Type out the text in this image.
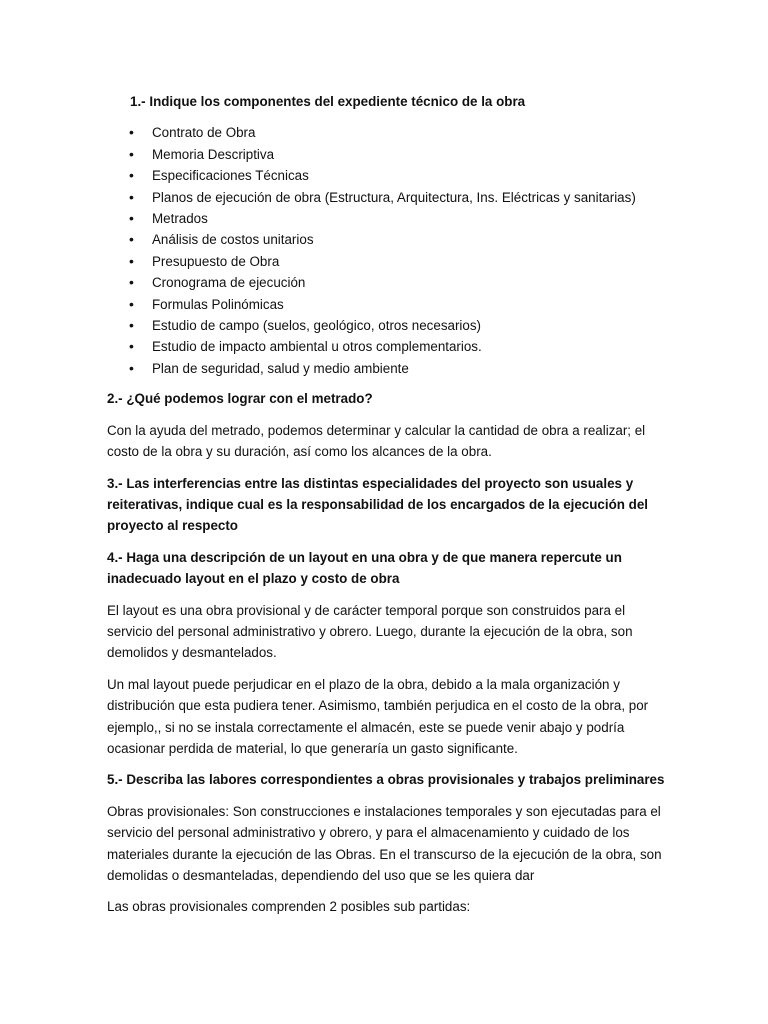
1.- Indique los componentes del expediente técnico de la obra

• Contrato de Obra
• Memoria Descriptiva
• Especificaciones Técnicas
• Planos de ejecución de obra (Estructura, Arquitectura, Ins. Eléctricas y sanitarias)
• Metrados
• Análisis de costos unitarios
• Presupuesto de Obra
• Cronograma de ejecución
• Formulas Polinómicas
• Estudio de campo (suelos, geológico, otros necesarios)
• Estudio de impacto ambiental u otros complementarios.
• Plan de seguridad, salud y medio ambiente

2.- ¿Qué podemos lograr con el metrado?

Con la ayuda del metrado, podemos determinar y calcular la cantidad de obra a realizar; el costo de la obra y su duración, así como los alcances de la obra.

3.- Las interferencias entre las distintas especialidades del proyecto son usuales y reiterativas, indique cual es la responsabilidad de los encargados de la ejecución del proyecto al respecto

4.- Haga una descripción de un layout en una obra y de que manera repercute un inadecuado layout en el plazo y costo de obra

El layout es una obra provisional y de carácter temporal porque son construidos para el servicio del personal administrativo y obrero. Luego, durante la ejecución de la obra, son demolidos y desmantelados.

Un mal layout puede perjudicar en el plazo de la obra, debido a la mala organización y distribución que esta pudiera tener. Asimismo, también perjudica en el costo de la obra, por ejemplo,, si no se instala correctamente el almacén, este se puede venir abajo y podría ocasionar perdida de material, lo que generaría un gasto significante.

5.- Describa las labores correspondientes a obras provisionales y trabajos preliminares

Obras provisionales: Son construcciones e instalaciones temporales y son ejecutadas para el servicio del personal administrativo y obrero, y para el almacenamiento y cuidado de los materiales durante la ejecución de las Obras. En el transcurso de la ejecución de la obra, son demolidas o desmanteladas, dependiendo del uso que se les quiera dar

Las obras provisionales comprenden 2 posibles sub partidas:
